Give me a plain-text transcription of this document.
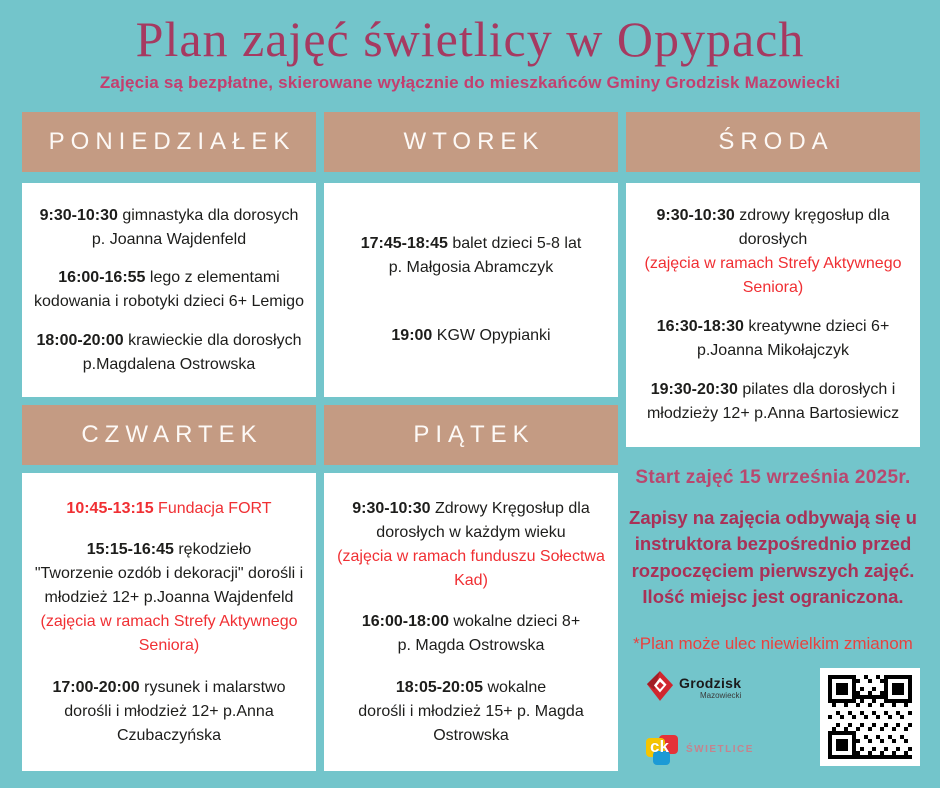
Plan zajęć świetlicy w Opypach

Zajęcia są bezpłatne, skierowane wyłącznie do mieszkańców Gminy Grodzisk Mazowiecki

PONIEDZIAŁEK

9:30-10:30 gimnastyka dla dorosych
p. Joanna Wajdenfeld

16:00-16:55 lego z elementami kodowania i robotyki dzieci 6+ Lemigo

18:00-20:00 krawieckie dla dorosłych
p.Magdalena Ostrowska

CZWARTEK

10:45-13:15 Fundacja FORT

15:15-16:45 rękodzieło
"Tworzenie ozdób i dekoracji" dorośli i młodzież 12+ p.Joanna Wajdenfeld
(zajęcia w ramach Strefy Aktywnego Seniora)

17:00-20:00 rysunek i malarstwo
dorośli i młodzież 12+ p.Anna Czubaczyńska

WTOREK

17:45-18:45 balet dzieci 5-8 lat
p. Małgosia Abramczyk

19:00 KGW Opypianki

PIĄTEK

9:30-10:30 Zdrowy Kręgosłup dla dorosłych w każdym wieku
(zajęcia w ramach funduszu Sołectwa Kad)

16:00-18:00 wokalne dzieci 8+
p. Magda Ostrowska

18:05-20:05 wokalne
dorośli i młodzież 15+ p. Magda Ostrowska

ŚRODA

9:30-10:30 zdrowy kręgosłup dla dorosłych
(zajęcia w ramach Strefy Aktywnego Seniora)

16:30-18:30 kreatywne dzieci 6+
p.Joanna Mikołajczyk

19:30-20:30 pilates dla dorosłych i młodzieży 12+ p.Anna Bartosiewicz

Start zajęć 15 września 2025r.

Zapisy na zajęcia odbywają się u instruktora bezpośrednio przed rozpoczęciem pierwszych zajęć. Ilość miejsc jest ograniczona.

*Plan może ulec niewielkim zmianom

Grodzisk
Mazowiecki
ck ŚWIETLICE
